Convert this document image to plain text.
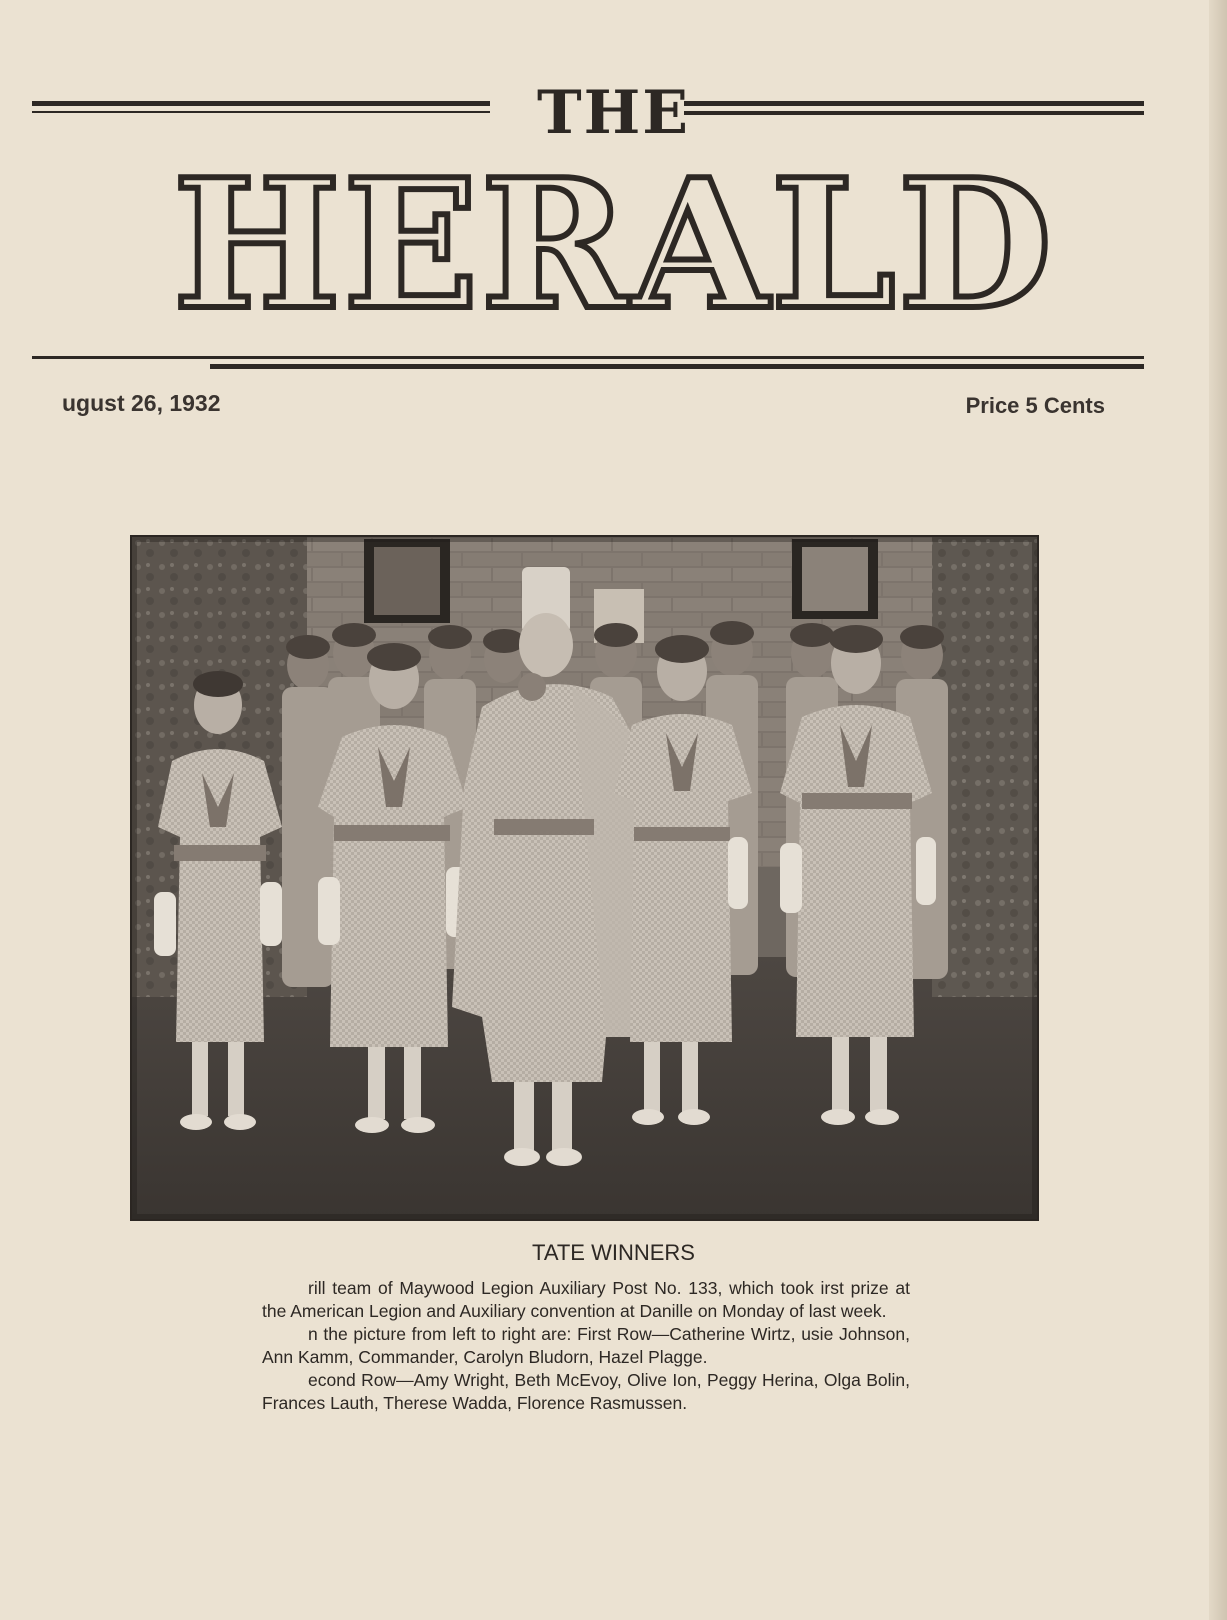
THE
HERALD
ugust 26, 1932	Price 5 Cents
TATE WINNERS

rill team of Maywood Legion Auxiliary Post No. 133, which took irst prize at the American Legion and Auxiliary convention at Danille on Monday of last week.

n the picture from left to right are: First Row—Catherine Wirtz, usie Johnson, Ann Kamm, Commander, Carolyn Bludorn, Hazel Plagge.

econd Row—Amy Wright, Beth McEvoy, Olive Ion, Peggy Herina, Olga Bolin, Frances Lauth, Therese Wadda, Florence Rasmussen.
